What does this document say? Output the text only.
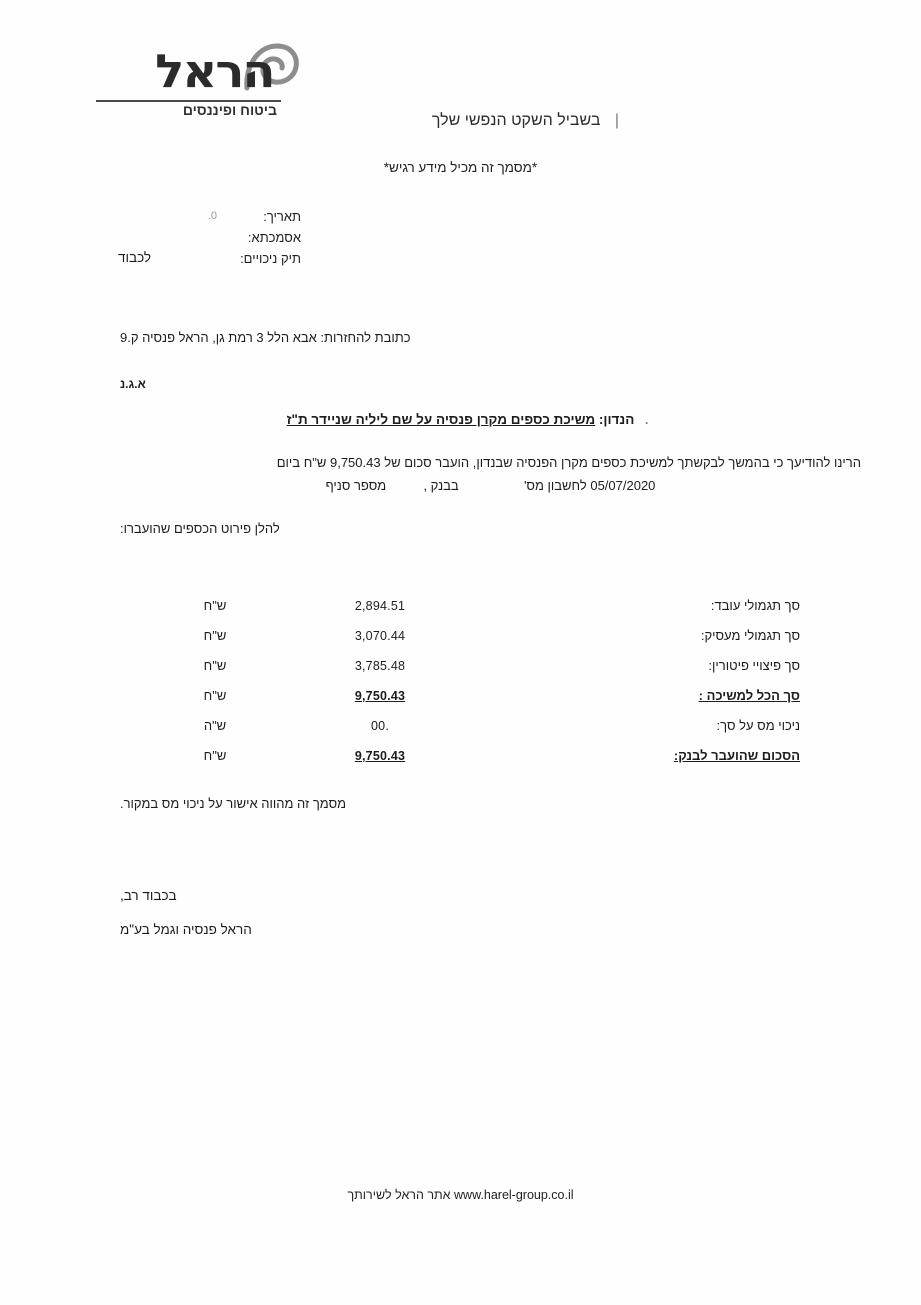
הראל
ביטוח ופיננסים
| בשביל השקט הנפשי שלך
*מסמך זה מכיל מידע רגיש*
תאריך:
0.
אסמכתא:
תיק ניכויים:
לכבוד
כתובת להחזרות: אבא הלל 3 רמת גן, הראל פנסיה ק.9
א.ג.נ
הנדון: משיכת כספים מקרן פנסיה על שם ליליה שניידר ת"ז	·
הרינו להודיעך כי בהמשך לבקשתך למשיכת כספים מקרן הפנסיה שבנדון, הועבר סכום של 9,750.43 ש"ח ביום
05/07/2020 לחשבון מס'  בבנק ,  מספר סניף
להלן פירוט הכספים שהועברו:
סך תגמולי עובד:
2,894.51
ש"ח
סך תגמולי מעסיק:
3,070.44
ש"ח
סך פיצויי פיטורין:
3,785.48
ש"ח
סך הכל למשיכה :
9,750.43
ש"ח
ניכוי מס על סך:
.00
ש"ה
הסכום שהועבר לבנק:
9,750.43
ש"ח
מסמך זה מהווה אישור על ניכוי מס במקור.
בכבוד רב,
הראל פנסיה וגמל בע"מ
www.harel-group.co.il אתר הראל לשירותך
